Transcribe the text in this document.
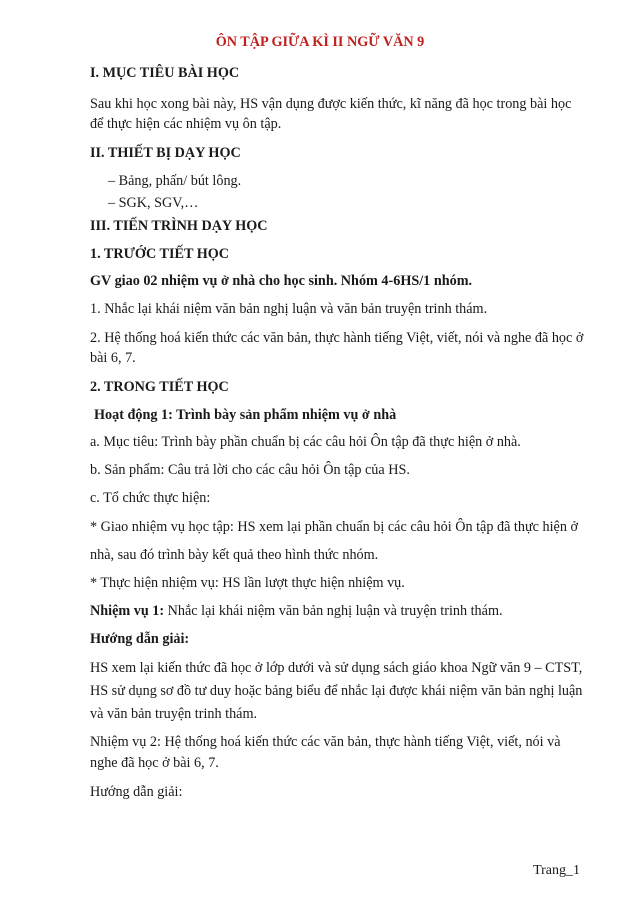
ÔN TẬP GIỮA KÌ II NGỮ VĂN 9
I. MỤC TIÊU BÀI HỌC
Sau khi học xong bài này, HS vận dụng được kiến thức, kĩ năng đã học trong bài học
để thực hiện các nhiệm vụ ôn tập.
II. THIẾT BỊ DẠY HỌC
– Bảng, phấn/ bút lông.
– SGK, SGV,…
III. TIẾN TRÌNH DẠY HỌC
1. TRƯỚC TIẾT HỌC
GV giao 02 nhiệm vụ ở nhà cho học sinh. Nhóm 4-6HS/1 nhóm.
1. Nhắc lại khái niệm văn bản nghị luận và văn bản truyện trinh thám.
2. Hệ thống hoá kiến thức các văn bản, thực hành tiếng Việt, viết, nói và nghe đã học ở
bài 6, 7.
2. TRONG TIẾT HỌC
Hoạt động 1: Trình bày sản phẩm nhiệm vụ ở nhà
a. Mục tiêu: Trình bày phần chuẩn bị các câu hỏi Ôn tập đã thực hiện ở nhà.
b. Sản phẩm: Câu trả lời cho các câu hỏi Ôn tập của HS.
c. Tổ chức thực hiện:
* Giao nhiệm vụ học tập: HS xem lại phần chuẩn bị các câu hỏi Ôn tập đã thực hiện ở
nhà, sau đó trình bày kết quả theo hình thức nhóm.
* Thực hiện nhiệm vụ: HS lần lượt thực hiện nhiệm vụ.
Nhiệm vụ 1: Nhắc lại khái niệm văn bản nghị luận và truyện trinh thám.
Hướng dẫn giải:
HS xem lại kiến thức đã học ở lớp dưới và sử dụng sách giáo khoa Ngữ văn 9 – CTST,
HS sử dụng sơ đồ tư duy hoặc bảng biểu để nhắc lại được khái niệm văn bản nghị luận
và văn bản truyện trinh thám.
Nhiệm vụ 2: Hệ thống hoá kiến thức các văn bản, thực hành tiếng Việt, viết, nói và
nghe đã học ở bài 6, 7.
Hướng dẫn giải:
Trang_1
